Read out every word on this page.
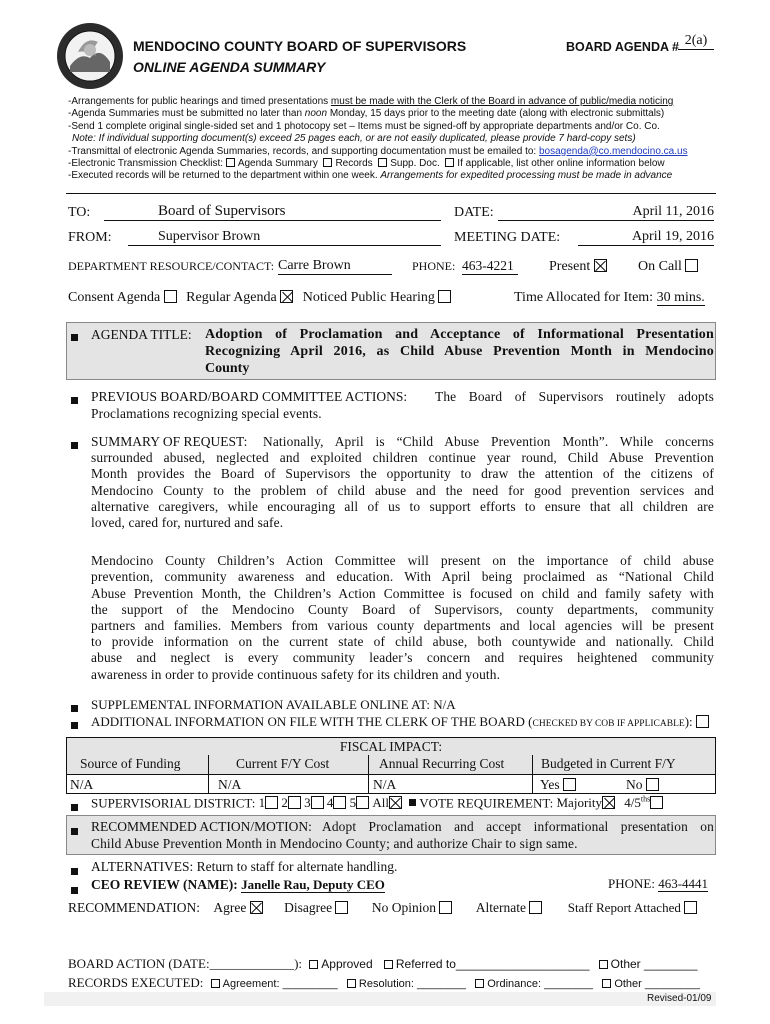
MENDOCINO COUNTY BOARD OF SUPERVISORS
ONLINE AGENDA SUMMARY
BOARD AGENDA # 2(a)
-Arrangements for public hearings and timed presentations must be made with the Clerk of the Board in advance of public/media noticing
-Agenda Summaries must be submitted no later than noon Monday, 15 days prior to the meeting date (along with electronic submittals)
-Send 1 complete original single-sided set and 1 photocopy set – Items must be signed-off by appropriate departments and/or Co. Co.
Note: If individual supporting document(s) exceed 25 pages each, or are not easily duplicated, please provide 7 hard-copy sets)
-Transmittal of electronic Agenda Summaries, records, and supporting documentation must be emailed to: bosagenda@co.mendocino.ca.us
-Electronic Transmission Checklist: Agenda Summary Records Supp. Doc. If applicable, list other online information below
-Executed records will be returned to the department within one week. Arrangements for expedited processing must be made in advance
TO:	Board of Supervisors	DATE:	April 11, 2016
FROM:	Supervisor Brown	MEETING DATE:	April 19, 2016
DEPARTMENT RESOURCE/CONTACT: Carre Brown	PHONE: 463-4221	Present	On Call
Consent Agenda Regular Agenda Noticed Public Hearing	Time Allocated for Item: 30 mins.
AGENDA TITLE: Adoption of Proclamation and Acceptance of Informational Presentation
Recognizing April 2016, as Child Abuse Prevention Month in Mendocino
County
PREVIOUS BOARD/BOARD COMMITTEE ACTIONS: The Board of Supervisors routinely adopts
Proclamations recognizing special events.
SUMMARY OF REQUEST:	Nationally, April is “Child Abuse Prevention Month”. While concerns
surrounded abused, neglected and exploited children continue year round, Child Abuse Prevention
Month provides the Board of Supervisors the opportunity to draw the attention of the citizens of
Mendocino County to the problem of child abuse and the need for good prevention services and
alternative caregivers, while encouraging all of us to support efforts to ensure that all children are
loved, cared for, nurtured and safe.
Mendocino County Children’s Action Committee will present on the importance of child abuse
prevention, community awareness and education. With April being proclaimed as “National Child
Abuse Prevention Month, the Children’s Action Committee is focused on child and family safety with
the support of the Mendocino County Board of Supervisors, county departments, community
partners and families. Members from various county departments and local agencies will be present
to provide information on the current state of child abuse, both countywide and nationally. Child
abuse and neglect is every community leader’s concern and requires heightened community
awareness in order to provide continuous safety for its children and youth.
SUPPLEMENTAL INFORMATION AVAILABLE ONLINE AT: N/A
ADDITIONAL INFORMATION ON FILE WITH THE CLERK OF THE BOARD (CHECKED BY COB IF APPLICABLE):
FISCAL IMPACT:
Source of Funding	Current F/Y Cost	Annual Recurring Cost	Budgeted in Current F/Y
N/A	N/A	N/A	Yes	No
SUPERVISORIAL DISTRICT: 1 2 3 4 5 All VOTE REQUIREMENT: Majority $4/5^{ths}$
RECOMMENDED ACTION/MOTION: Adopt Proclamation and accept informational presentation on
Child Abuse Prevention Month in Mendocino County; and authorize Chair to sign same.
ALTERNATIVES: Return to staff for alternate handling.
CEO REVIEW (NAME): Janelle Rau, Deputy CEO	PHONE: 463-4441
RECOMMENDATION: Agree	Disagree	No Opinion	Alternate	Staff Report Attached
BOARD ACTION (DATE:_____________): Approved Referred to____________________ Other ________
RECORDS EXECUTED: Agreement: _________ Resolution: ________ Ordinance: ________ Other _________
Revised-01/09
